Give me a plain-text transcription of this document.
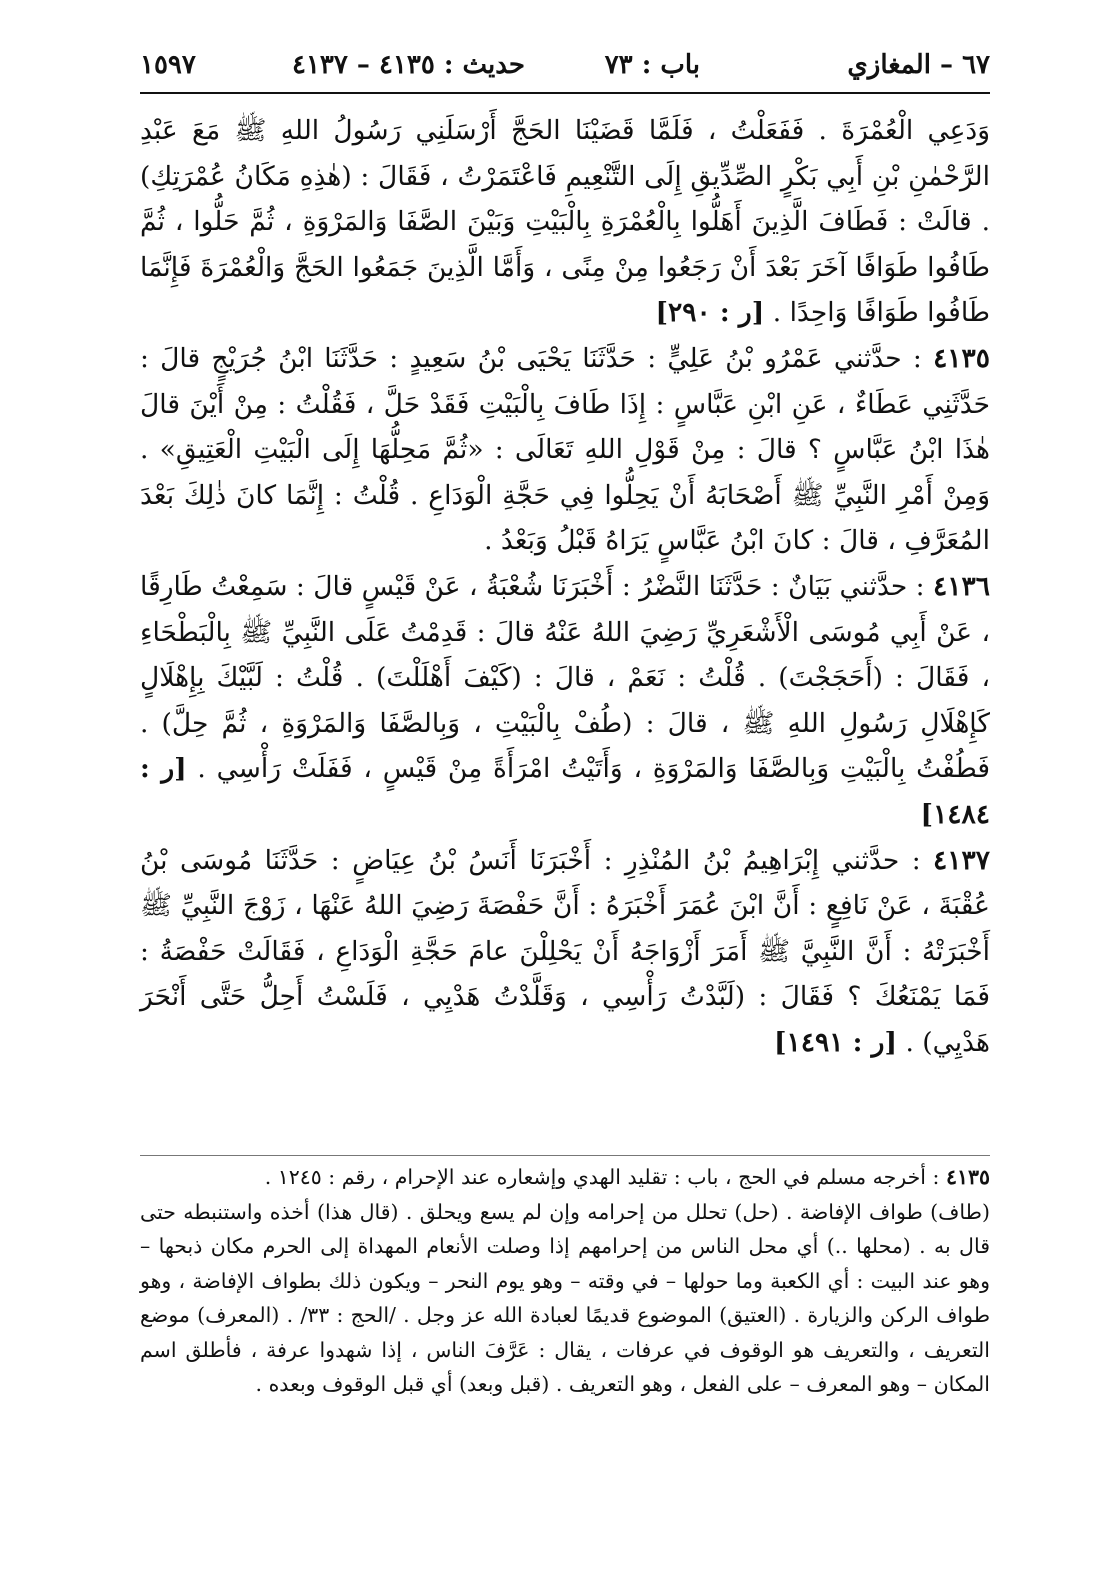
٦٧ – المغازي
باب : ٧٣
حديث : ٤١٣٥ – ٤١٣٧
١٥٩٧

وَدَعِي الْعُمْرَةَ . فَفَعَلْتُ ، فَلَمَّا قَضَيْنَا الحَجَّ أَرْسَلَنِي رَسُولُ اللهِ ﷺ مَعَ عَبْدِ الرَّحْمٰنِ بْنِ أَبِي بَكْرٍ الصِّدِّيقِ إِلَى التَّنْعِيمِ فَاعْتَمَرْتُ ، فَقَالَ : (هٰذِهِ مَكَانُ عُمْرَتِكِ) . قالَتْ : فَطَافَ الَّذِينَ أَهَلُّوا بِالْعُمْرَةِ بِالْبَيْتِ وَبَيْنَ الصَّفَا وَالمَرْوَةِ ، ثُمَّ حَلُّوا ، ثُمَّ طَافُوا طَوَافًا آخَرَ بَعْدَ أَنْ رَجَعُوا مِنْ مِنًى ، وَأَمَّا الَّذِينَ جَمَعُوا الحَجَّ وَالْعُمْرَةَ فَإِنَّمَا طَافُوا طَوَافًا وَاحِدًا . [ر : ٢٩٠]

٤١٣٥ : حدَّثني عَمْرُو بْنُ عَلِيٍّ : حَدَّثَنَا يَحْيَى بْنُ سَعِيدٍ : حَدَّثَنَا ابْنُ جُرَيْجٍ قالَ : حَدَّثَنِي عَطَاءٌ ، عَنِ ابْنِ عَبَّاسٍ : إِذَا طَافَ بِالْبَيْتِ فَقَدْ حَلَّ ، فَقُلْتُ : مِنْ أَيْنَ قالَ هٰذَا ابْنُ عَبَّاسٍ ؟ قالَ : مِنْ قَوْلِ اللهِ تَعَالَى : «ثُمَّ مَحِلُّهَا إِلَى الْبَيْتِ الْعَتِيقِ» . وَمِنْ أَمْرِ النَّبِيِّ ﷺ أَصْحَابَهُ أَنْ يَحِلُّوا فِي حَجَّةِ الْوَدَاعِ . قُلْتُ : إِنَّمَا كانَ ذٰلِكَ بَعْدَ المُعَرَّفِ ، قالَ : كانَ ابْنُ عَبَّاسٍ يَرَاهُ قَبْلُ وَبَعْدُ .

٤١٣٦ : حدَّثني بَيَانٌ : حَدَّثَنَا النَّضْرُ : أَخْبَرَنَا شُعْبَةُ ، عَنْ قَيْسٍ قالَ : سَمِعْتُ طَارِقًا ، عَنْ أَبِي مُوسَى الْأَشْعَرِيِّ رَضِيَ اللهُ عَنْهُ قالَ : قَدِمْتُ عَلَى النَّبِيِّ ﷺ بِالْبَطْحَاءِ ، فَقَالَ : (أَحَجَجْتَ) . قُلْتُ : نَعَمْ ، قالَ : (كَيْفَ أَهْلَلْتَ) . قُلْتُ : لَبَّيْكَ بِإِهْلَالٍ كَإِهْلَالِ رَسُولِ اللهِ ﷺ ، قالَ : (طُفْ بِالْبَيْتِ ، وَبِالصَّفَا وَالمَرْوَةِ ، ثُمَّ حِلَّ) . فَطُفْتُ بِالْبَيْتِ وَبِالصَّفَا وَالمَرْوَةِ ، وَأَتَيْتُ امْرَأَةً مِنْ قَيْسٍ ، فَفَلَتْ رَأْسِي . [ر : ١٤٨٤]

٤١٣٧ : حدَّثني إِبْرَاهِيمُ بْنُ المُنْذِرِ : أَخْبَرَنَا أَنَسُ بْنُ عِيَاضٍ : حَدَّثَنَا مُوسَى بْنُ عُقْبَةَ ، عَنْ نَافِعٍ : أَنَّ ابْنَ عُمَرَ أَخْبَرَهُ : أَنَّ حَفْصَةَ رَضِيَ اللهُ عَنْهَا ، زَوْجَ النَّبِيِّ ﷺ أَخْبَرَتْهُ : أَنَّ النَّبِيَّ ﷺ أَمَرَ أَزْوَاجَهُ أَنْ يَحْلِلْنَ عامَ حَجَّةِ الْوَدَاعِ ، فَقَالَتْ حَفْصَةُ : فَمَا يَمْنَعُكَ ؟ فَقَالَ : (لَبَّدْتُ رَأْسِي ، وَقَلَّدْتُ هَدْيِي ، فَلَسْتُ أَحِلُّ حَتَّى أَنْحَرَ هَدْيِي) . [ر : ١٤٩١]

٤١٣٥ : أخرجه مسلم في الحج ، باب : تقليد الهدي وإشعاره عند الإحرام ، رقم : ١٢٤٥ .

(طاف) طواف الإفاضة . (حل) تحلل من إحرامه وإن لم يسع ويحلق . (قال هذا) أخذه واستنبطه حتى قال به . (محلها ..) أي محل الناس من إحرامهم إذا وصلت الأنعام المهداة إلى الحرم مكان ذبحها – وهو عند البيت : أي الكعبة وما حولها – في وقته – وهو يوم النحر – ويكون ذلك بطواف الإفاضة ، وهو طواف الركن والزيارة . (العتيق) الموضوع قديمًا لعبادة الله عز وجل . /الحج : ٣٣/ . (المعرف) موضع التعريف ، والتعريف هو الوقوف في عرفات ، يقال : عَرَّفَ الناس ، إذا شهدوا عرفة ، فأطلق اسم المكان – وهو المعرف – على الفعل ، وهو التعريف . (قبل وبعد) أي قبل الوقوف وبعده .
